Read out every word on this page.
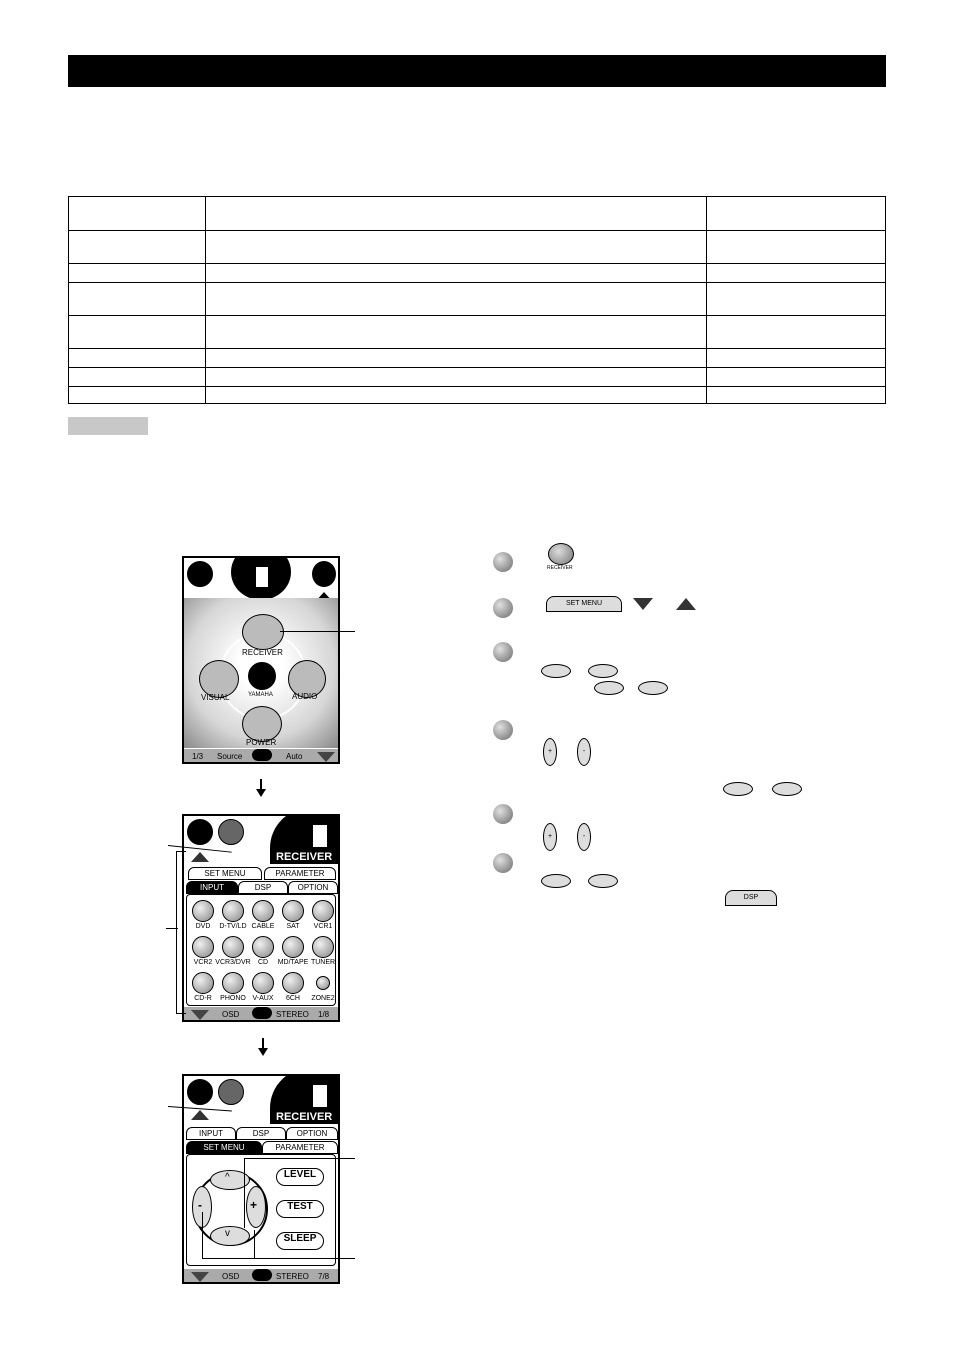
RECEIVER
VISUAL	YAMAHA AUDIO
POWER
1/3 Source	Auto
RECEIVER
SET MENU	PARAMETER
INPUT	DSP	OPTION
OSD	STEREO 1/8
DVD	D-TV/LD CABLE	SAT	VCR1
VCR2 VCR3/DVR	CD	MD/TAPE TUNER
CD-R	PHONO V-AUX	6CH	ZONE2
RECEIVER
INPUT	DSP	OPTION
SET MENU	PARAMETER
^
v
-	+
LEVEL
TEST
SLEEP
OSD	STEREO 7/8
RECEIVER
SET MENU	or
+	-
+	-
DSP
